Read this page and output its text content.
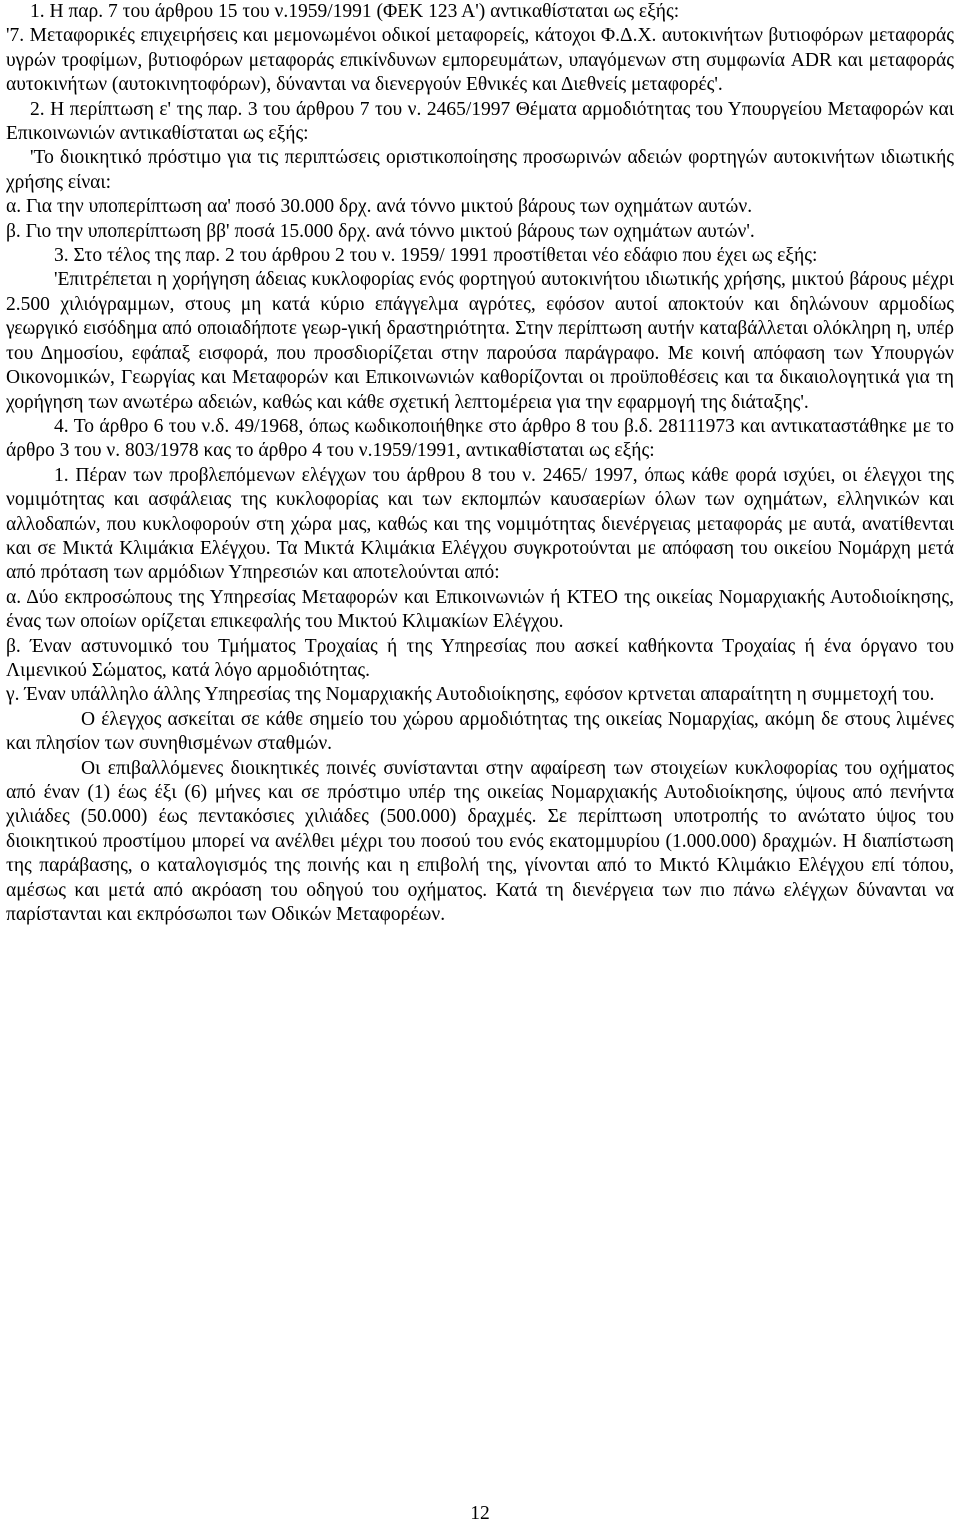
1. Η παρ. 7 του άρθρου 15 του ν.1959/1991 (ΦΕΚ 123 Α') αντικαθίσταται ως εξής:

'7. Μεταφορικές επιχειρήσεις και μεμονωμένοι οδικοί μεταφορείς, κάτοχοι Φ.Δ.Χ. αυτοκινήτων βυτιοφόρων μεταφοράς υγρών τροφίμων, βυτιοφόρων μεταφοράς επικίνδυνων εμπορευμάτων, υπαγόμενων στη συμφωνία ADR και μεταφοράς αυτοκινήτων (αυτοκινητοφόρων), δύνανται να διενεργούν Εθνικές και Διεθνείς μεταφορές'.

2. Η περίπτωση ε' της παρ. 3 του άρθρου 7 του ν. 2465/1997 Θέματα αρμοδιότητας του Υπουργείου Μεταφορών και Επικοινωνιών αντικαθίσταται ως εξής:

'Το διοικητικό πρόστιμο για τις περιπτώσεις οριστικοποίησης προσωρινών αδειών φορτηγών αυτοκινήτων ιδιωτικής χρήσης είναι:

α. Για την υποπερίπτωση αα' ποσό 30.000 δρχ. ανά τόννο μικτού βάρους των οχημάτων αυτών.

β. Γιο την υποπερίπτωση ββ' ποσά 15.000 δρχ. ανά τόννο μικτού βάρους των οχημάτων αυτών'.

3. Στο τέλος της παρ. 2 του άρθρου 2 του ν. 1959/ 1991 προστίθεται νέο εδάφιο που έχει ως εξής:

'Επιτρέπεται η χορήγηση άδειας κυκλοφορίας ενός φορτηγού αυτοκινήτου ιδιωτικής χρήσης, μικτού βάρους μέχρι 2.500 χιλιόγραμμων, στους μη κατά κύριο επάγγελμα αγρότες, εφόσον αυτοί αποκτούν και δηλώνουν αρμοδίως γεωργικό εισόδημα από οποιαδήποτε γεωρ-γική δραστηριότητα. Στην περίπτωση αυτήν καταβάλλεται ολόκληρη η, υπέρ του Δημοσίου, εφάπαξ εισφορά, που προσδιορίζεται στην παρούσα παράγραφο. Με κοινή απόφαση των Υπουργών Οικονομικών, Γεωργίας και Μεταφορών και Επικοινωνιών καθορίζονται οι προϋποθέσεις και τα δικαιολογητικά για τη χορήγηση των ανωτέρω αδειών, καθώς και κάθε σχετική λεπτομέρεια για την εφαρμογή της διάταξης'.

4. Το άρθρο 6 του ν.δ. 49/1968, όπως κωδικοποιήθηκε στο άρθρο 8 του β.δ. 28111973 και αντικαταστάθηκε με το άρθρο 3 του ν. 803/1978 κας το άρθρο 4 του ν.1959/1991, αντικαθίσταται ως εξής:

1. Πέραν των προβλεπόμενων ελέγχων του άρθρου 8 του ν. 2465/ 1997, όπως κάθε φορά ισχύει, οι έλεγχοι της νομιμότητας και ασφάλειας της κυκλοφορίας και των εκπομπών καυσαερίων όλων των οχημάτων, ελληνικών και αλλοδαπών, που κυκλοφορούν στη χώρα μας, καθώς και της νομιμότητας διενέργειας μεταφοράς με αυτά, ανατίθενται και σε Μικτά Κλιμάκια Ελέγχου. Τα Μικτά Κλιμάκια Ελέγχου συγκροτούνται με απόφαση του οικείου Νομάρχη μετά από πρόταση των αρμόδιων Υπηρεσιών και αποτελούνται από:

α. Δύο εκπροσώπους της Υπηρεσίας Μεταφορών και Επικοινωνιών ή ΚΤΕΟ της οικείας Νομαρχιακής Αυτοδιοίκησης, ένας των οποίων ορίζεται επικεφαλής του Μικτού Κλιμακίων Ελέγχου.

β. Έναν αστυνομικό του Τμήματος Τροχαίας ή της Υπηρεσίας που ασκεί καθήκοντα Τροχαίας ή ένα όργανο του Λιμενικού Σώματος, κατά λόγο αρμοδιότητας.

γ. Έναν υπάλληλο άλλης Υπηρεσίας της Νομαρχιακής Αυτοδιοίκησης, εφόσον κρτνεται απαραίτητη η συμμετοχή του.

Ο έλεγχος ασκείται σε κάθε σημείο του χώρου αρμοδιότητας της οικείας Νομαρχίας, ακόμη δε στους λιμένες και πλησίον των συνηθισμένων σταθμών.

Οι επιβαλλόμενες διοικητικές ποινές συνίστανται στην αφαίρεση των στοιχείων κυκλοφορίας του οχήματος από έναν (1) έως έξι (6) μήνες και σε πρόστιμο υπέρ της οικείας Νομαρχιακής Αυτοδιοίκησης, ύψους από πενήντα χιλιάδες (50.000) έως πεντακόσιες χιλιάδες (500.000) δραχμές. Σε περίπτωση υποτροπής το ανώτατο ύψος του διοικητικού προστίμου μπορεί να ανέλθει μέχρι του ποσού του ενός εκατομμυρίου (1.000.000) δραχμών. Η διαπίστωση της παράβασης, ο καταλογισμός της ποινής και η επιβολή της, γίνονται από το Μικτό Κλιμάκιο Ελέγχου επί τόπου, αμέσως και μετά από ακρόαση του οδηγού του οχήματος. Κατά τη διενέργεια των πιο πάνω ελέγχων δύνανται να παρίστανται και εκπρόσωποι των Οδικών Μεταφορέων.

12
